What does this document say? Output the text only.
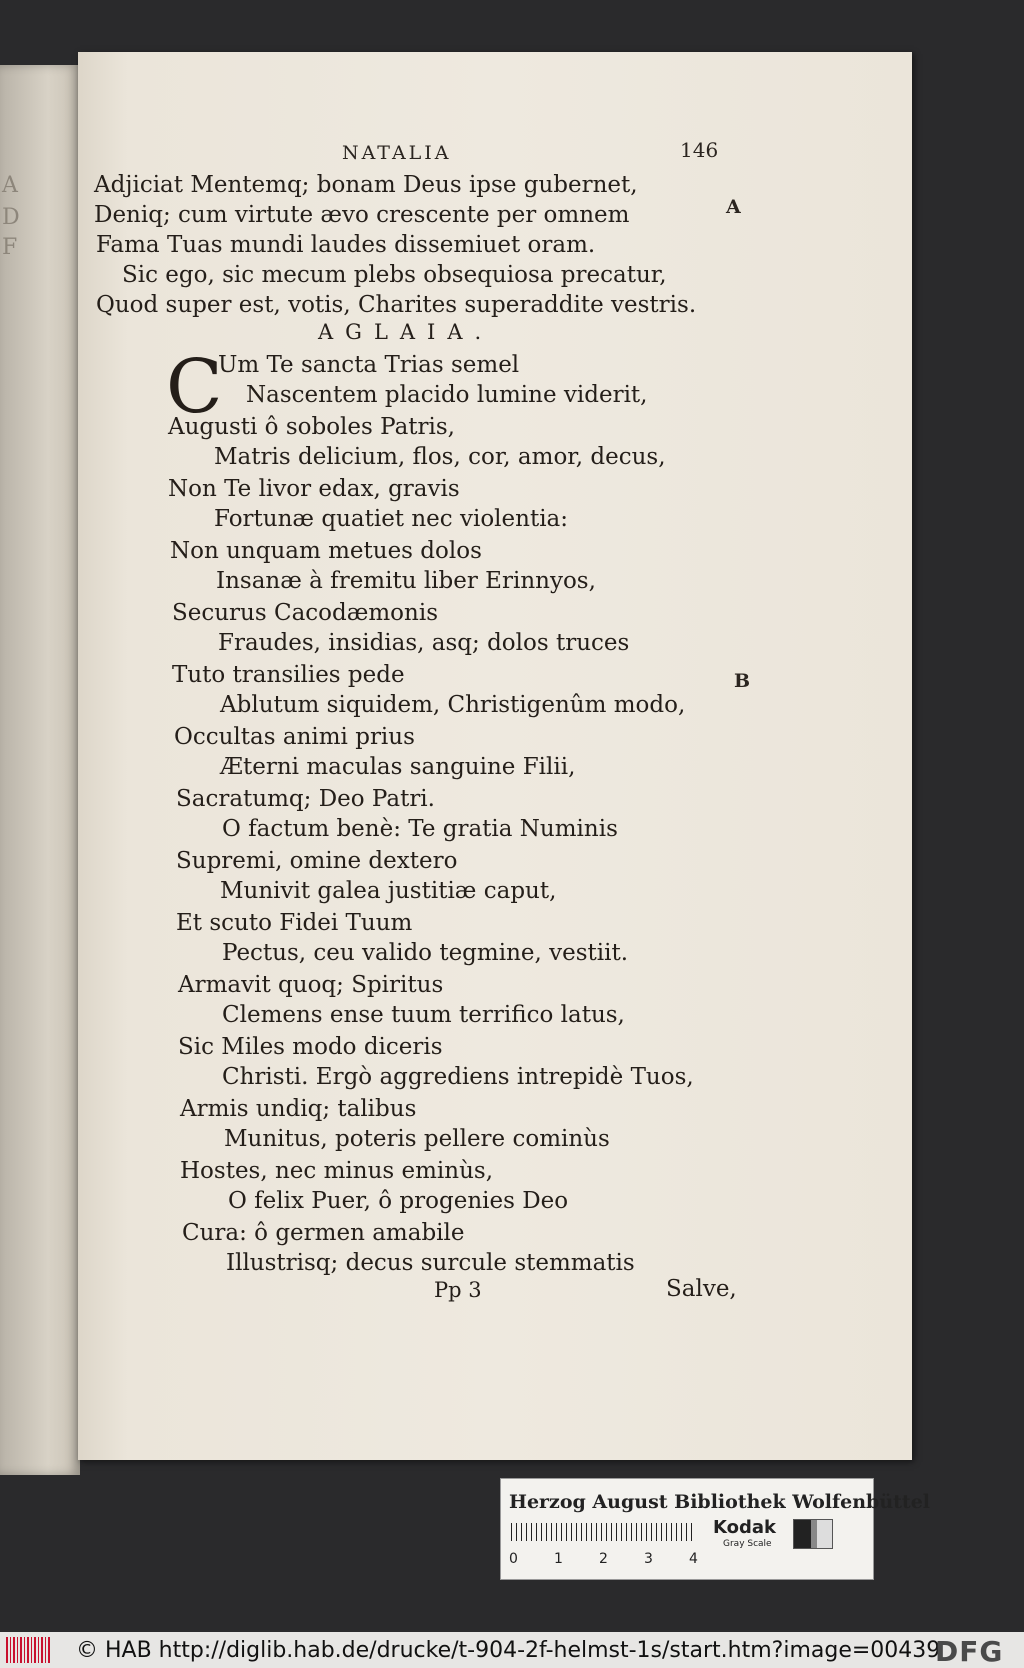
A
D
F
NATALIA	146
A
B
Adjiciat Mentemq; bonam Deus ipse gubernet,
Deniq; cum virtute ævo crescente per omnem
Fama Tuas mundi laudes dissemiuet oram.
Sic ego, sic mecum plebs obsequiosa precatur,
Quod super est, votis, Charites superaddite vestris.
AGLAIA.
C
Um Te sancta Trias semel
Nascentem placido lumine viderit,
Augusti ô soboles Patris,
Matris delicium, flos, cor, amor, decus,
Non Te livor edax, gravis
Fortunæ quatiet nec violentia:
Non unquam metues dolos
Insanæ à fremitu liber Erinnyos,
Securus Cacodæmonis
Fraudes, insidias, asq; dolos truces
Tuto transilies pede
Ablutum siquidem, Christigenûm modo,
Occultas animi prius
Æterni maculas sanguine Filii,
Sacratumq; Deo Patri.
O factum benè: Te gratia Numinis
Supremi, omine dextero
Munivit galea justitiæ caput,
Et scuto Fidei Tuum
Pectus, ceu valido tegmine, vestiit.
Armavit quoq; Spiritus
Clemens ense tuum terrifico latus,
Sic Miles modo diceris
Christi. Ergò aggrediens intrepidè Tuos,
Armis undiq; talibus
Munitus, poteris pellere cominùs
Hostes, nec minus eminùs,
O felix Puer, ô progenies Deo
Cura: ô germen amabile
Illustrisq; decus surcule stemmatis
Pp 3	Salve,
Herzog August Bibliothek Wolfenbüttel
0	1	2	3	4
Kodak
Gray Scale
© HAB http://diglib.hab.de/drucke/t-904-2f-helmst-1s/start.htm?image=00439
DFG
